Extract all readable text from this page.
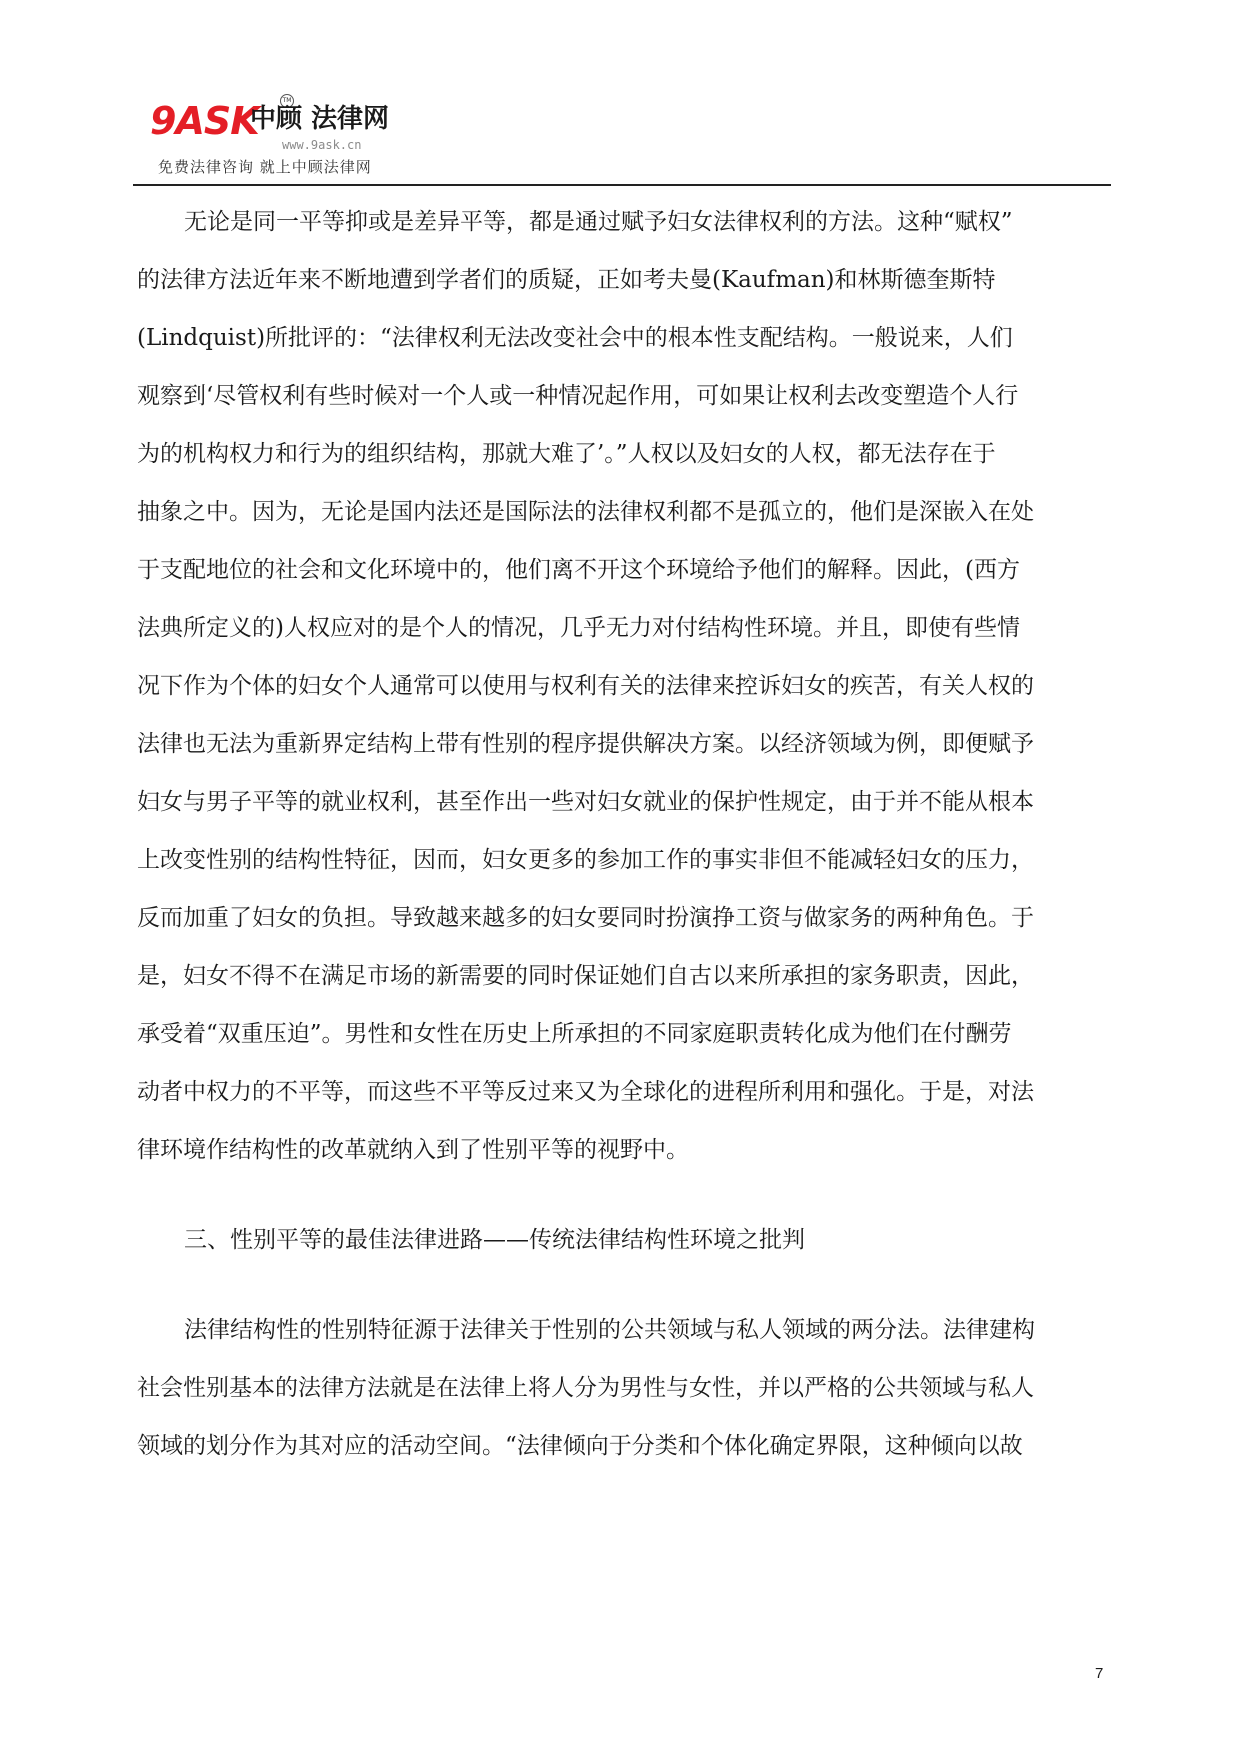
9ASK	TM
中顾 法律网
www.9ask.cn
免费法律咨询 就上中顾法律网
无论是同一平等抑或是差异平等，都是通过赋予妇女法律权利的方法。这种“赋权”
的法律方法近年来不断地遭到学者们的质疑，正如考夫曼(Kaufman)和林斯德奎斯特
(Lindquist)所批评的：“法律权利无法改变社会中的根本性支配结构。一般说来，人们
观察到‘尽管权利有些时候对一个人或一种情况起作用，可如果让权利去改变塑造个人行
为的机构权力和行为的组织结构，那就大难了’。”人权以及妇女的人权，都无法存在于
抽象之中。因为，无论是国内法还是国际法的法律权利都不是孤立的，他们是深嵌入在处
于支配地位的社会和文化环境中的，他们离不开这个环境给予他们的解释。因此，(西方
法典所定义的)人权应对的是个人的情况，几乎无力对付结构性环境。并且，即使有些情
况下作为个体的妇女个人通常可以使用与权利有关的法律来控诉妇女的疾苦，有关人权的
法律也无法为重新界定结构上带有性别的程序提供解决方案。以经济领域为例，即便赋予
妇女与男子平等的就业权利，甚至作出一些对妇女就业的保护性规定，由于并不能从根本
上改变性别的结构性特征，因而，妇女更多的参加工作的事实非但不能减轻妇女的压力，
反而加重了妇女的负担。导致越来越多的妇女要同时扮演挣工资与做家务的两种角色。于
是，妇女不得不在满足市场的新需要的同时保证她们自古以来所承担的家务职责，因此，
承受着“双重压迫”。男性和女性在历史上所承担的不同家庭职责转化成为他们在付酬劳
动者中权力的不平等，而这些不平等反过来又为全球化的进程所利用和强化。于是，对法
律环境作结构性的改革就纳入到了性别平等的视野中。
三、性别平等的最佳法律进路——传统法律结构性环境之批判
法律结构性的性别特征源于法律关于性别的公共领域与私人领域的两分法。法律建构
社会性别基本的法律方法就是在法律上将人分为男性与女性，并以严格的公共领域与私人
领域的划分作为其对应的活动空间。“法律倾向于分类和个体化确定界限，这种倾向以故
7
